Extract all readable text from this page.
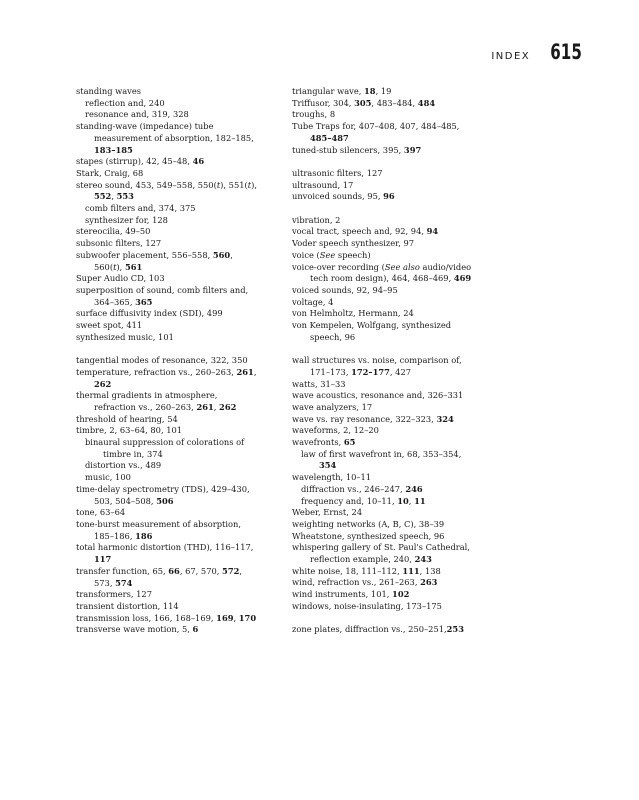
INDEX 615
standing waves
reflection and, 240
resonance and, 319, 328
standing-wave (impedance) tube
measurement of absorption, 182–185,
183–185
stapes (stirrup), 42, 45–48, 46
Stark, Craig, 68
stereo sound, 453, 549–558, 550(t), 551(t),
552, 553
comb filters and, 374, 375
synthesizer for, 128
stereocilia, 49–50
subsonic filters, 127
subwoofer placement, 556–558, 560,
560(t), 561
Super Audio CD, 103
superposition of sound, comb filters and,
364–365, 365
surface diffusivity index (SDI), 499
sweet spot, 411
synthesized music, 101
tangential modes of resonance, 322, 350
temperature, refraction vs., 260–263, 261,
262
thermal gradients in atmosphere,
refraction vs., 260–263, 261, 262
threshold of hearing, 54
timbre, 2, 63–64, 80, 101
binaural suppression of colorations of
timbre in, 374
distortion vs., 489
music, 100
time-delay spectrometry (TDS), 429–430,
503, 504–508, 506
tone, 63–64
tone-burst measurement of absorption,
185–186, 186
total harmonic distortion (THD), 116–117,
117
transfer function, 65, 66, 67, 570, 572,
573, 574
transformers, 127
transient distortion, 114
transmission loss, 166, 168–169, 169, 170
transverse wave motion, 5, 6
triangular wave, 18, 19
Triffusor, 304, 305, 483–484, 484
troughs, 8
Tube Traps for, 407–408, 407, 484–485,
485–487
tuned-stub silencers, 395, 397
ultrasonic filters, 127
ultrasound, 17
unvoiced sounds, 95, 96
vibration, 2
vocal tract, speech and, 92, 94, 94
Voder speech synthesizer, 97
voice (See speech)
voice-over recording (See also audio/video
tech room design), 464, 468–469, 469
voiced sounds, 92, 94–95
voltage, 4
von Helmholtz, Hermann, 24
von Kempelen, Wolfgang, synthesized
speech, 96
wall structures vs. noise, comparison of,
171–173, 172–177, 427
watts, 31–33
wave acoustics, resonance and, 326–331
wave analyzers, 17
wave vs. ray resonance, 322–323, 324
waveforms, 2, 12–20
wavefronts, 65
law of first wavefront in, 68, 353–354,
354
wavelength, 10–11
diffraction vs., 246–247, 246
frequency and, 10–11, 10, 11
Weber, Ernst, 24
weighting networks (A, B, C), 38–39
Wheatstone, synthesized speech, 96
whispering gallery of St. Paul's Cathedral,
reflection example, 240, 243
white noise, 18, 111–112, 111, 138
wind, refraction vs., 261–263, 263
wind instruments, 101, 102
windows, noise-insulating, 173–175
zone plates, diffraction vs., 250–251,253
